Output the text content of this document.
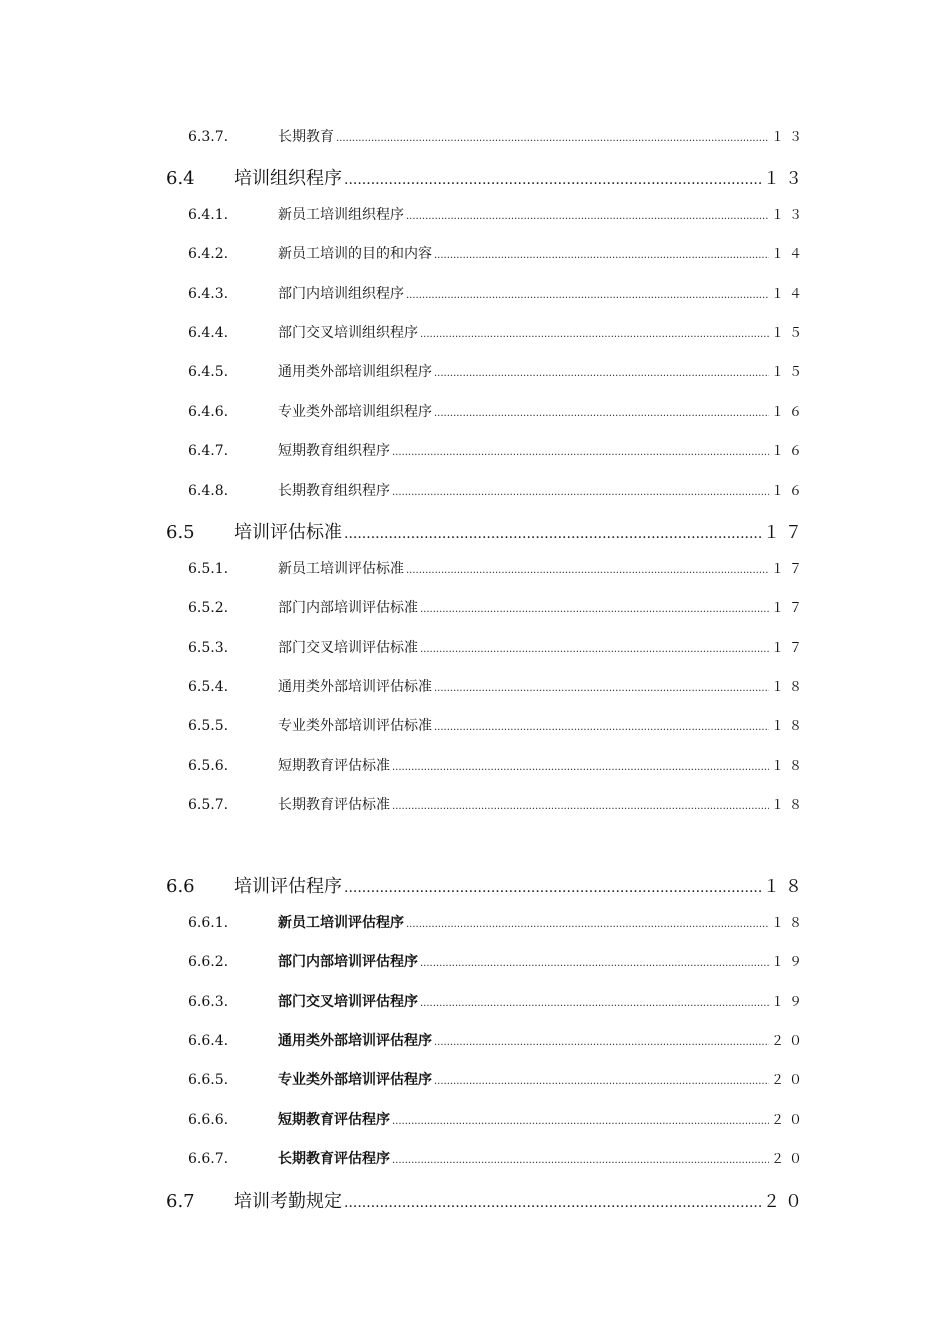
6.3.7.	长期教育 .....	１３
6.4	培训组织程序 .....	１３
6.4.1.	新员工培训组织程序 .....	１３
6.4.2.	新员工培训的目的和内容 .....	１４
6.4.3.	部门内培训组织程序 .....	１４
6.4.4.	部门交叉培训组织程序 .....	１５
6.4.5.	通用类外部培训组织程序 .....	１５
6.4.6.	专业类外部培训组织程序 .....	１６
6.4.7.	短期教育组织程序 .....	１６
6.4.8.	长期教育组织程序 .....	１６
6.5	培训评估标准 .....	１７
6.5.1.	新员工培训评估标准 .....	１７
6.5.2.	部门内部培训评估标准 .....	１７
6.5.3.	部门交叉培训评估标准 .....	１７
6.5.4.	通用类外部培训评估标准 .....	１８
6.5.5.	专业类外部培训评估标准 .....	１８
6.5.6.	短期教育评估标准 .....	１８
6.5.7.	长期教育评估标准 .....	１８
6.6	培训评估程序 .....	１８
6.6.1.	新员工培训评估程序 .....	１８
6.6.2.	部门内部培训评估程序 .....	１９
6.6.3.	部门交叉培训评估程序 .....	１９
6.6.4.	通用类外部培训评估程序 .....	２０
6.6.5.	专业类外部培训评估程序 .....	２０
6.6.6.	短期教育评估程序 .....	２０
6.6.7.	长期教育评估程序 .....	２０
6.7	培训考勤规定 .....	２０
